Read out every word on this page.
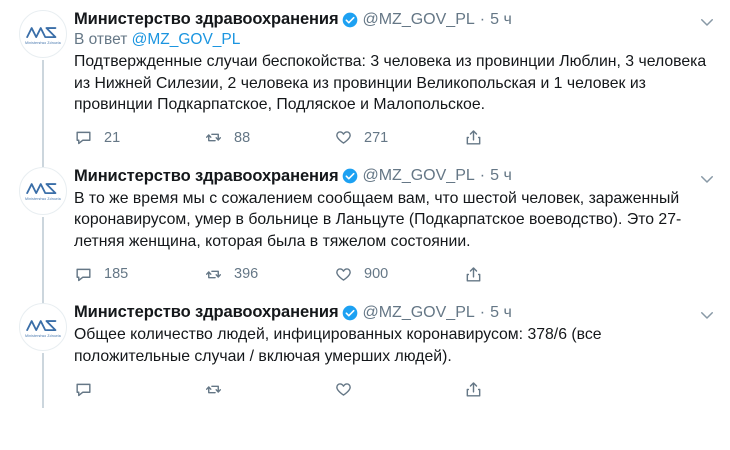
Ministerstwo Zdrowia
Министерство здравоохранения @MZ_GOV_PL · 5 ч
В ответ @MZ_GOV_PL
Подтвержденные случаи беспокойства: 3 человека из провинции Люблин, 3 человека из Нижней Силезии, 2 человека из провинции Великопольская и 1 человек из провинции Подкарпатское, Подляское и Малопольское.
21	88	271
Ministerstwo Zdrowia
Министерство здравоохранения @MZ_GOV_PL · 5 ч
В то же время мы с сожалением сообщаем вам, что шестой человек, зараженный коронавирусом, умер в больнице в Ланьцуте (Подкарпатское воеводство). Это 27-летняя женщина, которая была в тяжелом состоянии.
185	396	900
Ministerstwo Zdrowia
Министерство здравоохранения @MZ_GOV_PL · 5 ч
Общее количество людей, инфицированных коронавирусом: 378/6 (все положительные случаи / включая умерших людей).
